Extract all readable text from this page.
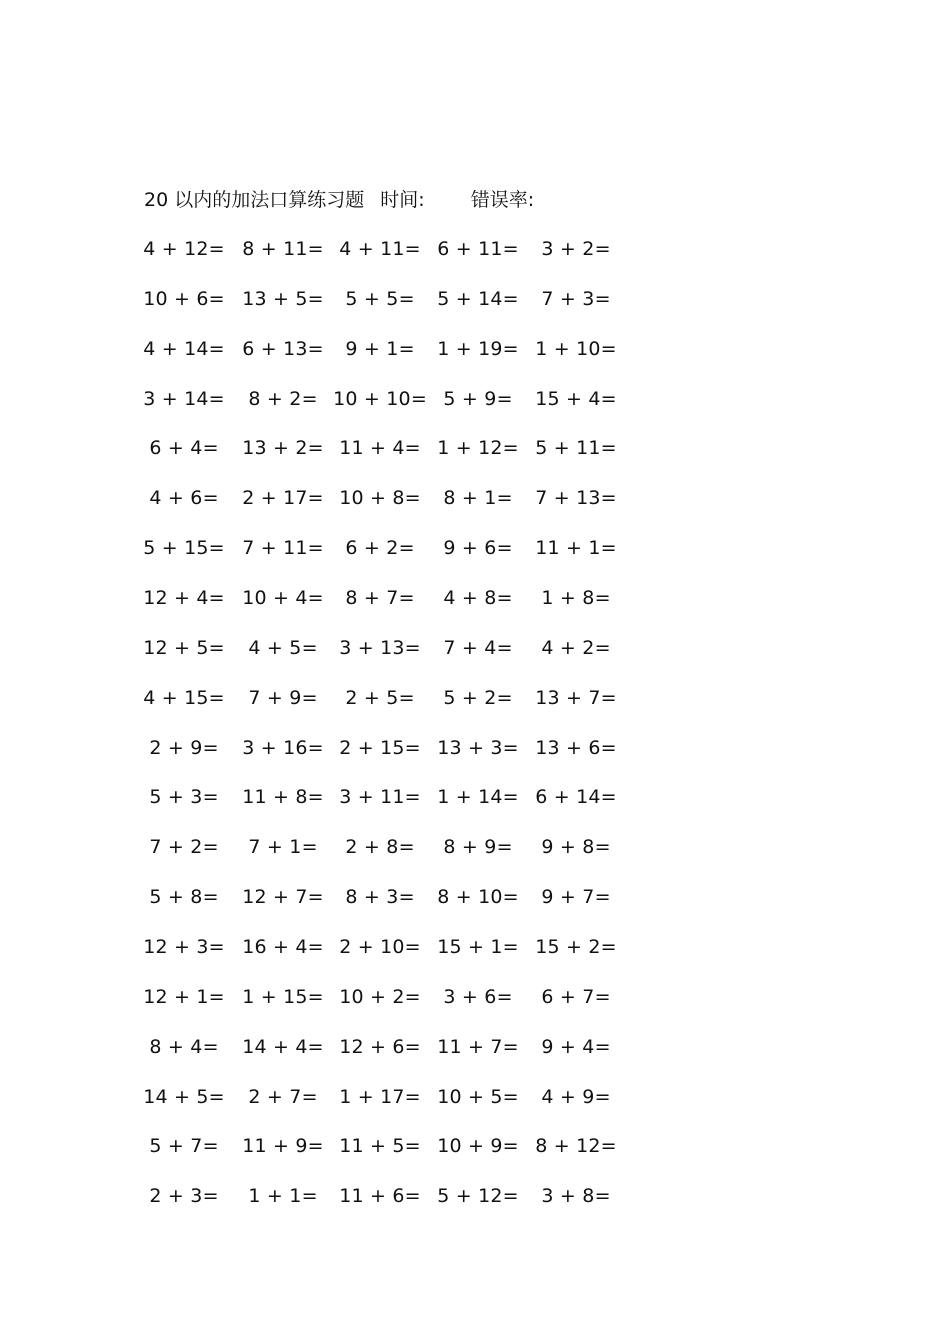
20 以内的加法口算练习题 时间: 错误率:
4 + 12= 8 + 11= 4 + 11= 6 + 11= 3 + 2=
10 + 6= 13 + 5= 5 + 5= 5 + 14= 7 + 3=
4 + 14= 6 + 13= 9 + 1= 1 + 19= 1 + 10=
3 + 14= 8 + 2= 10 + 10= 5 + 9= 15 + 4=
6 + 4= 13 + 2= 11 + 4= 1 + 12= 5 + 11=
4 + 6= 2 + 17= 10 + 8= 8 + 1= 7 + 13=
5 + 15= 7 + 11= 6 + 2= 9 + 6= 11 + 1=
12 + 4= 10 + 4= 8 + 7= 4 + 8= 1 + 8=
12 + 5= 4 + 5= 3 + 13= 7 + 4= 4 + 2=
4 + 15= 7 + 9= 2 + 5= 5 + 2= 13 + 7=
2 + 9= 3 + 16= 2 + 15= 13 + 3= 13 + 6=
5 + 3= 11 + 8= 3 + 11= 1 + 14= 6 + 14=
7 + 2= 7 + 1= 2 + 8= 8 + 9= 9 + 8=
5 + 8= 12 + 7= 8 + 3= 8 + 10= 9 + 7=
12 + 3= 16 + 4= 2 + 10= 15 + 1= 15 + 2=
12 + 1= 1 + 15= 10 + 2= 3 + 6= 6 + 7=
8 + 4= 14 + 4= 12 + 6= 11 + 7= 9 + 4=
14 + 5= 2 + 7= 1 + 17= 10 + 5= 4 + 9=
5 + 7= 11 + 9= 11 + 5= 10 + 9= 8 + 12=
2 + 3= 1 + 1= 11 + 6= 5 + 12= 3 + 8=
